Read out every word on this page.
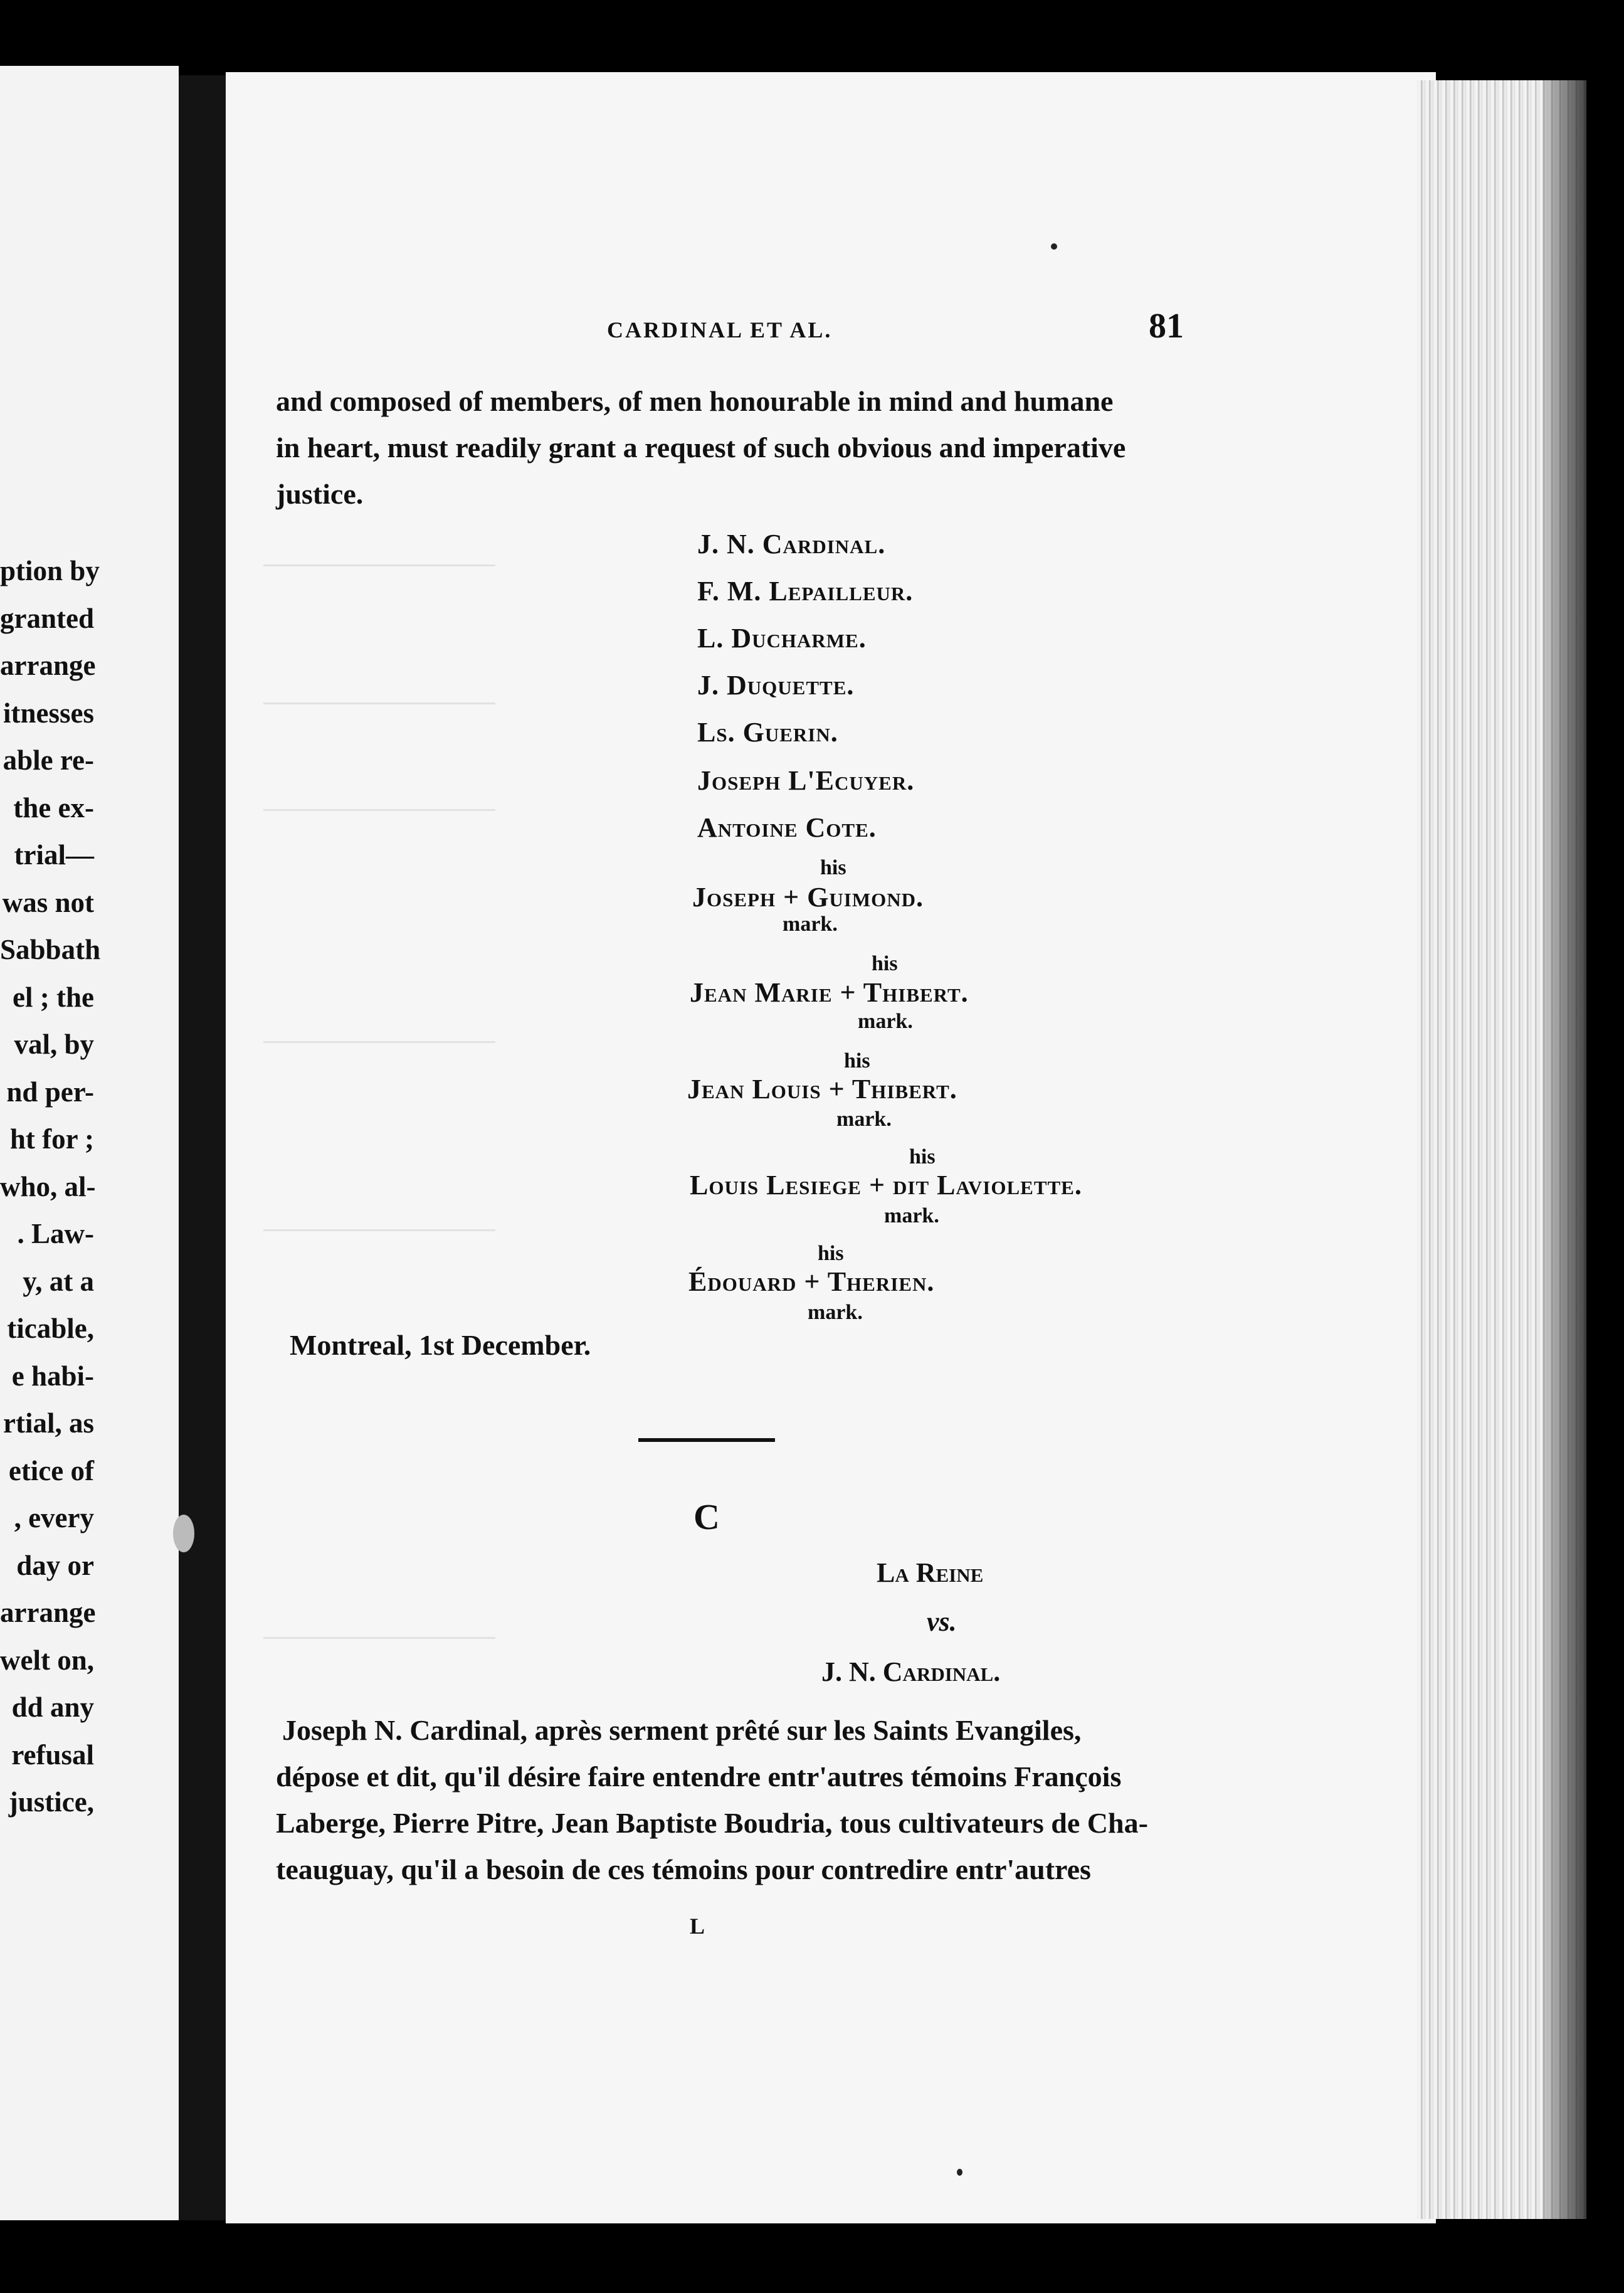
ption by
granted
arrange
itnesses
able re-
the ex-
trial—
was not
Sabbath
el ; the
val, by
nd per-
ht for ;
who, al-
. Law-
y, at a
ticable,
e habi-
rtial, as
etice of
, every
day or
arrange
welt on,
dd any
refusal
justice,
CARDINAL ET AL.	81
and composed of members, of men honourable in mind and humane
in heart, must readily grant a request of such obvious and imperative
justice.
J. N. Cardinal.
F. M. Lepailleur.
L. Ducharme.
J. Duquette.
Ls. Guerin.
Joseph L'Ecuyer.
Antoine Cote.
his
Joseph + Guimond.
mark.
his
Jean Marie + Thibert.
mark.
his
Jean Louis + Thibert.
mark.
his
Louis Lesiege + dit Laviolette.
mark.
his
Édouard + Therien.
mark.
Montreal, 1st December.
C
La Reine
vs.
J. N. Cardinal.
Joseph N. Cardinal, après serment prêté sur les Saints Evangiles,
dépose et dit, qu'il désire faire entendre entr'autres témoins François
Laberge, Pierre Pitre, Jean Baptiste Boudria, tous cultivateurs de Cha-
teauguay, qu'il a besoin de ces témoins pour contredire entr'autres
L
